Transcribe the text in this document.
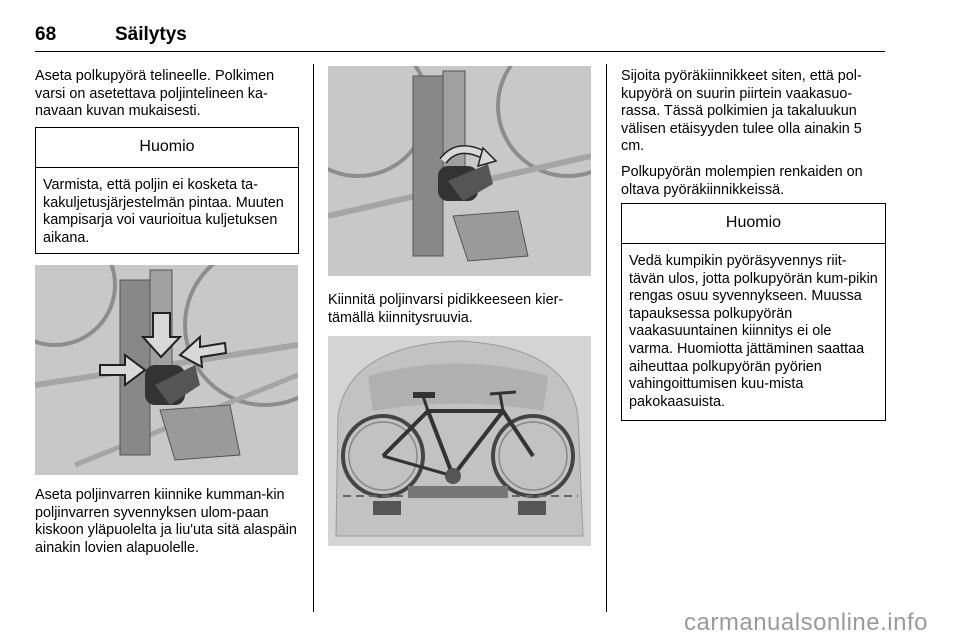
68	Säilytys

Aseta polkupyörä telineelle. Polkimen varsi on asetettava poljintelineen ka-navaan kuvan mukaisesti.

Huomio
Varmista, että poljin ei kosketa ta-kakuljetusjärjestelmän pintaa. Muuten kampisarja voi vaurioitua kuljetuksen aikana.

Aseta poljinvarren kiinnike kumman-kin poljinvarren syvennyksen ulom-paan kiskoon yläpuolelta ja liu'uta sitä alaspäin ainakin lovien alapuolelle.

Kiinnitä poljinvarsi pidikkeeseen kier-tämällä kiinnitysruuvia.

Sijoita pyöräkiinnikkeet siten, että pol-kupyörä on suurin piirtein vaakasuo-rassa. Tässä polkimien ja takaluukun välisen etäisyyden tulee olla ainakin 5 cm.

Polkupyörän molempien renkaiden on oltava pyöräkiinnikkeissä.

Huomio
Vedä kumpikin pyöräsyvennys riit-tävän ulos, jotta polkupyörän kum-pikin rengas osuu syvennykseen. Muussa tapauksessa polkupyörän vaakasuuntainen kiinnitys ei ole varma. Huomiotta jättäminen saattaa aiheuttaa polkupyörän pyörien vahingoittumisen kuu-mista pakokaasuista.
carmanualsonline.info
